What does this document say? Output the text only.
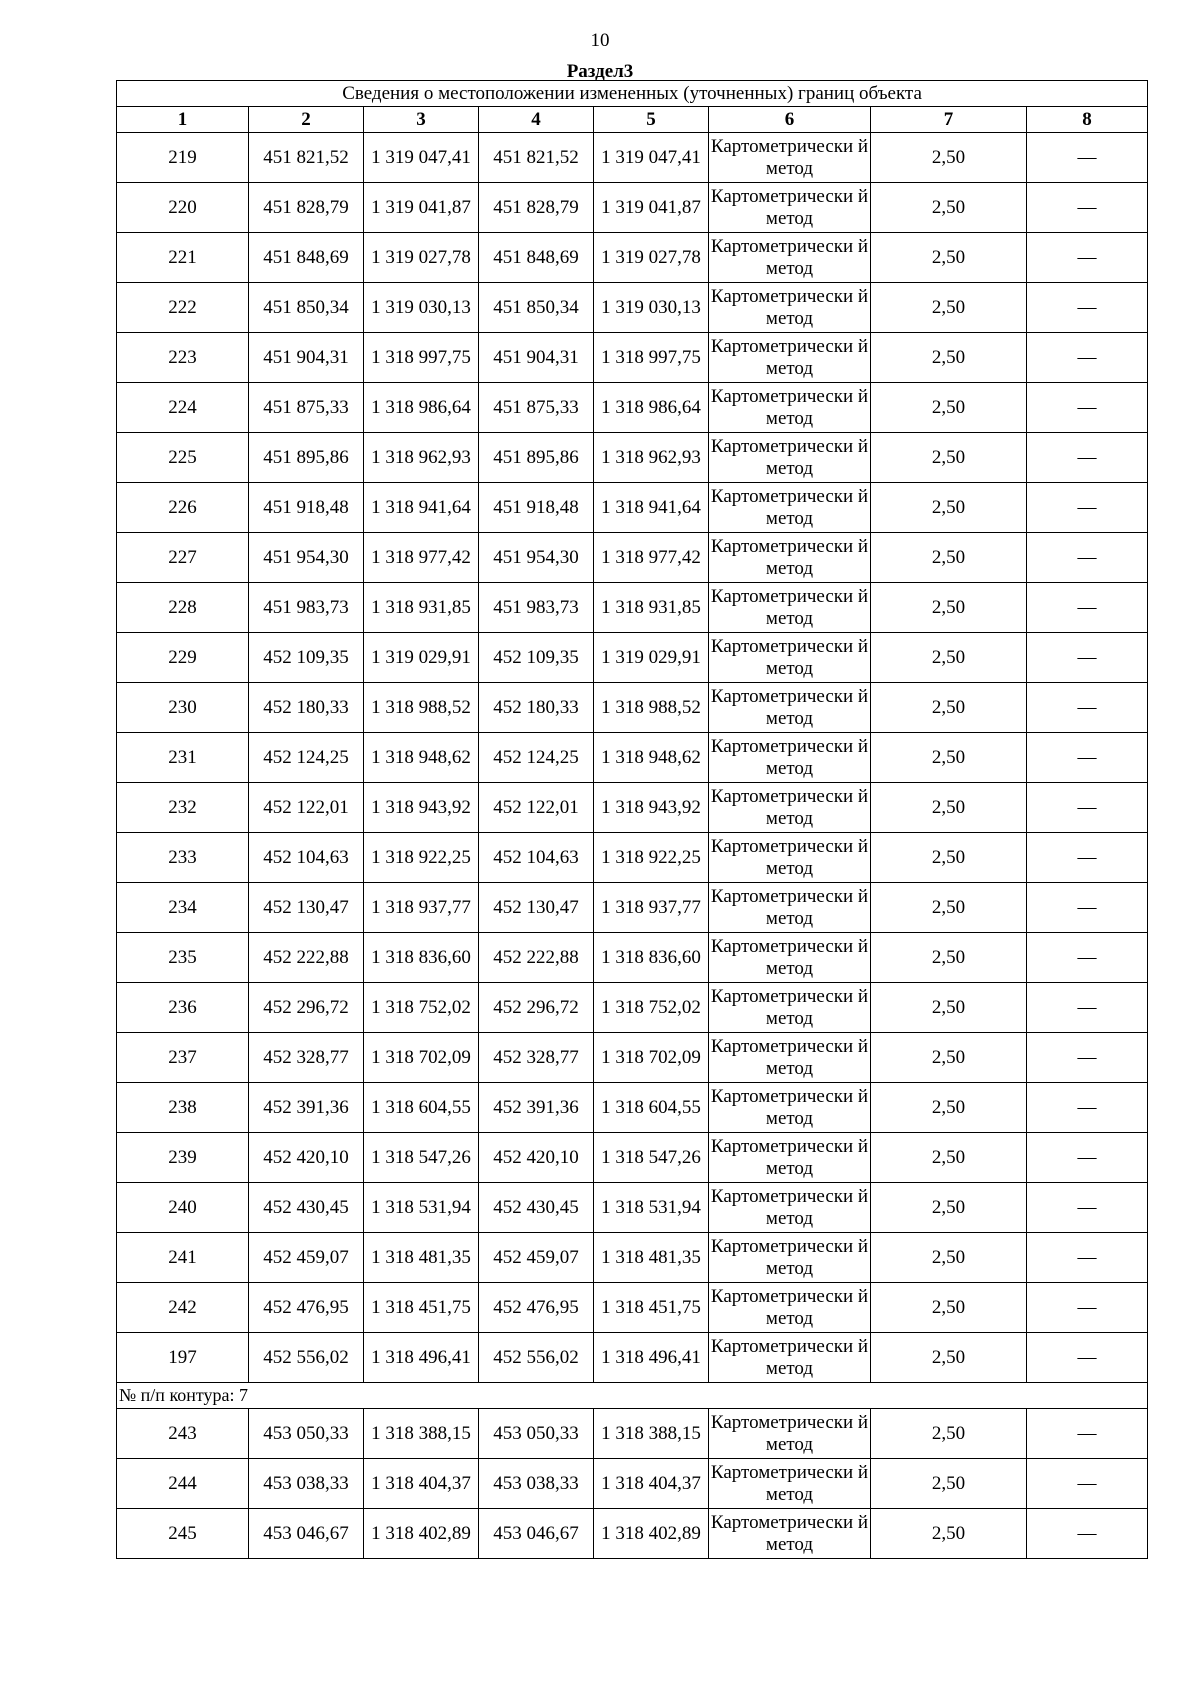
10
Раздел3
Сведения о местоположении измененных (уточненных) границ объекта							
1	2	3	4	5	6	7	8
219	451 821,52	1 319 047,41	451 821,52	1 319 047,41	Картометрически й метод	2,50	—
220	451 828,79	1 319 041,87	451 828,79	1 319 041,87	Картометрически й метод	2,50	—
221	451 848,69	1 319 027,78	451 848,69	1 319 027,78	Картометрически й метод	2,50	—
222	451 850,34	1 319 030,13	451 850,34	1 319 030,13	Картометрически й метод	2,50	—
223	451 904,31	1 318 997,75	451 904,31	1 318 997,75	Картометрически й метод	2,50	—
224	451 875,33	1 318 986,64	451 875,33	1 318 986,64	Картометрически й метод	2,50	—
225	451 895,86	1 318 962,93	451 895,86	1 318 962,93	Картометрически й метод	2,50	—
226	451 918,48	1 318 941,64	451 918,48	1 318 941,64	Картометрически й метод	2,50	—
227	451 954,30	1 318 977,42	451 954,30	1 318 977,42	Картометрически й метод	2,50	—
228	451 983,73	1 318 931,85	451 983,73	1 318 931,85	Картометрически й метод	2,50	—
229	452 109,35	1 319 029,91	452 109,35	1 319 029,91	Картометрически й метод	2,50	—
230	452 180,33	1 318 988,52	452 180,33	1 318 988,52	Картометрически й метод	2,50	—
231	452 124,25	1 318 948,62	452 124,25	1 318 948,62	Картометрически й метод	2,50	—
232	452 122,01	1 318 943,92	452 122,01	1 318 943,92	Картометрически й метод	2,50	—
233	452 104,63	1 318 922,25	452 104,63	1 318 922,25	Картометрически й метод	2,50	—
234	452 130,47	1 318 937,77	452 130,47	1 318 937,77	Картометрически й метод	2,50	—
235	452 222,88	1 318 836,60	452 222,88	1 318 836,60	Картометрически й метод	2,50	—
236	452 296,72	1 318 752,02	452 296,72	1 318 752,02	Картометрически й метод	2,50	—
237	452 328,77	1 318 702,09	452 328,77	1 318 702,09	Картометрически й метод	2,50	—
238	452 391,36	1 318 604,55	452 391,36	1 318 604,55	Картометрически й метод	2,50	—
239	452 420,10	1 318 547,26	452 420,10	1 318 547,26	Картометрически й метод	2,50	—
240	452 430,45	1 318 531,94	452 430,45	1 318 531,94	Картометрически й метод	2,50	—
241	452 459,07	1 318 481,35	452 459,07	1 318 481,35	Картометрически й метод	2,50	—
242	452 476,95	1 318 451,75	452 476,95	1 318 451,75	Картометрически й метод	2,50	—
197	452 556,02	1 318 496,41	452 556,02	1 318 496,41	Картометрически й метод	2,50	—
№ п/п контура: 7							
243	453 050,33	1 318 388,15	453 050,33	1 318 388,15	Картометрически й метод	2,50	—
244	453 038,33	1 318 404,37	453 038,33	1 318 404,37	Картометрически й метод	2,50	—
245	453 046,67	1 318 402,89	453 046,67	1 318 402,89	Картометрически й метод	2,50	—
